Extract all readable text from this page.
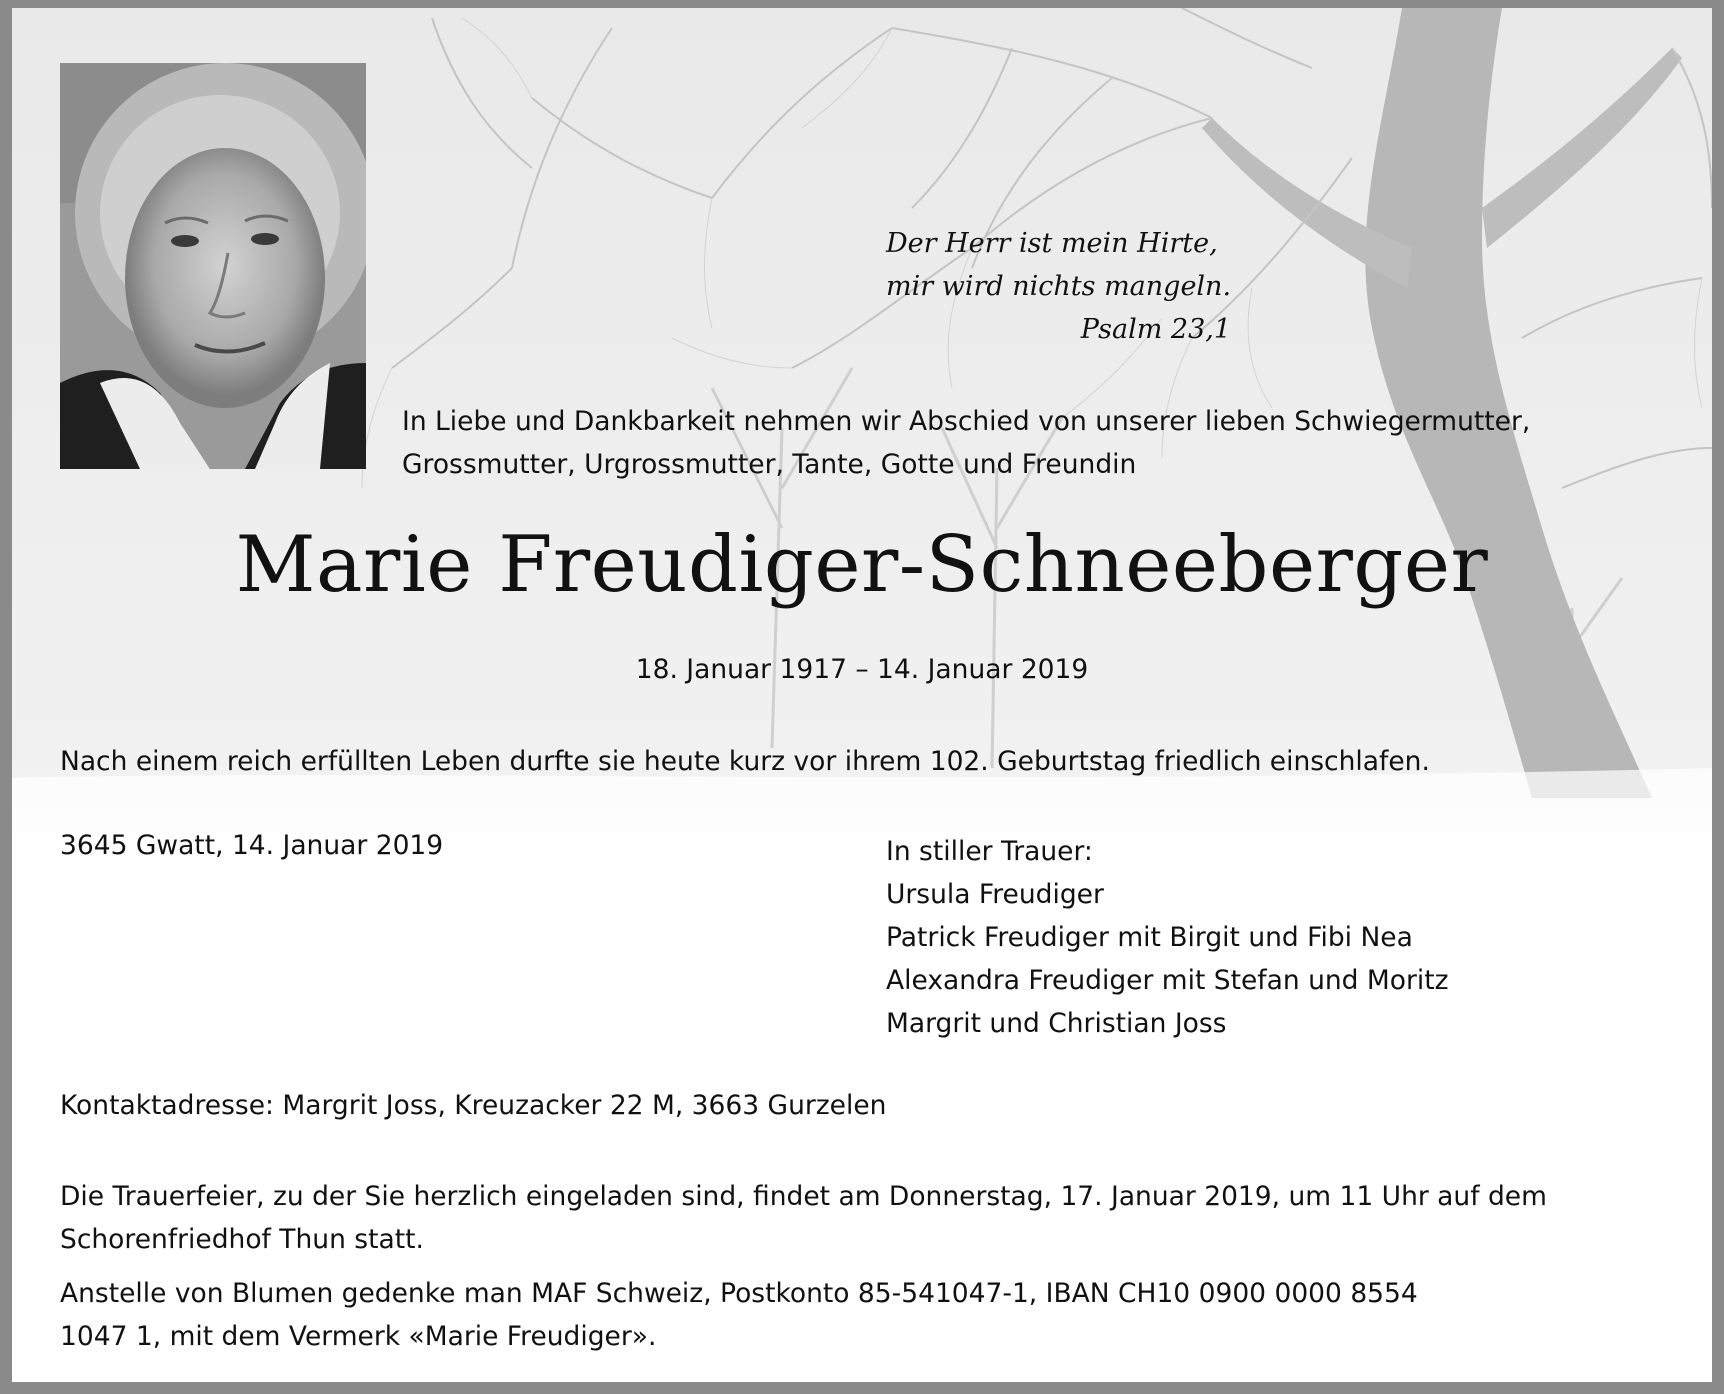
Der Herr ist mein Hirte,
mir wird nichts mangeln.
Psalm 23,1
In Liebe und Dankbarkeit nehmen wir Abschied von unserer lieben Schwiegermutter,
Grossmutter, Urgrossmutter, Tante, Gotte und Freundin
Marie Freudiger-Schneeberger
18. Januar 1917 – 14. Januar 2019
Nach einem reich erfüllten Leben durfte sie heute kurz vor ihrem 102. Geburtstag friedlich einschlafen.
3645 Gwatt, 14. Januar 2019	In stiller Trauer:
Ursula Freudiger
Patrick Freudiger mit Birgit und Fibi Nea
Alexandra Freudiger mit Stefan und Moritz
Margrit und Christian Joss
Kontaktadresse: Margrit Joss, Kreuzacker 22 M, 3663 Gurzelen
Die Trauerfeier, zu der Sie herzlich eingeladen sind, findet am Donnerstag, 17. Januar 2019, um 11 Uhr auf dem
Schorenfriedhof Thun statt.
Anstelle von Blumen gedenke man MAF Schweiz, Postkonto 85-541047-1, IBAN CH10 0900 0000 8554
1047 1, mit dem Vermerk «Marie Freudiger».
